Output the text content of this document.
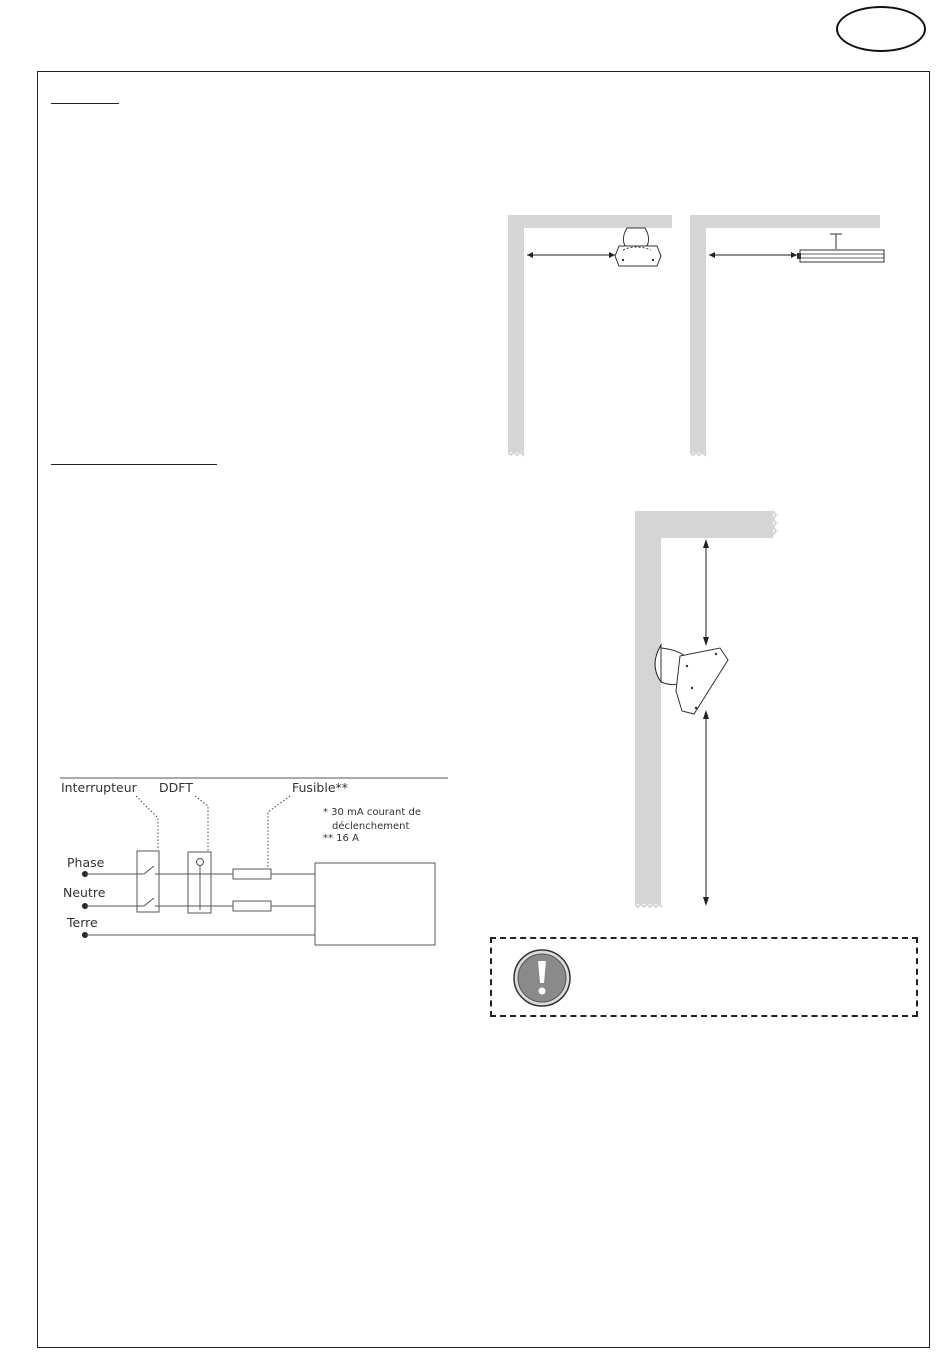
Interrupteur DDFT	Fusible**
* 30 mA courant de
déclenchement
** 16 A
Phase
Neutre
Terre
